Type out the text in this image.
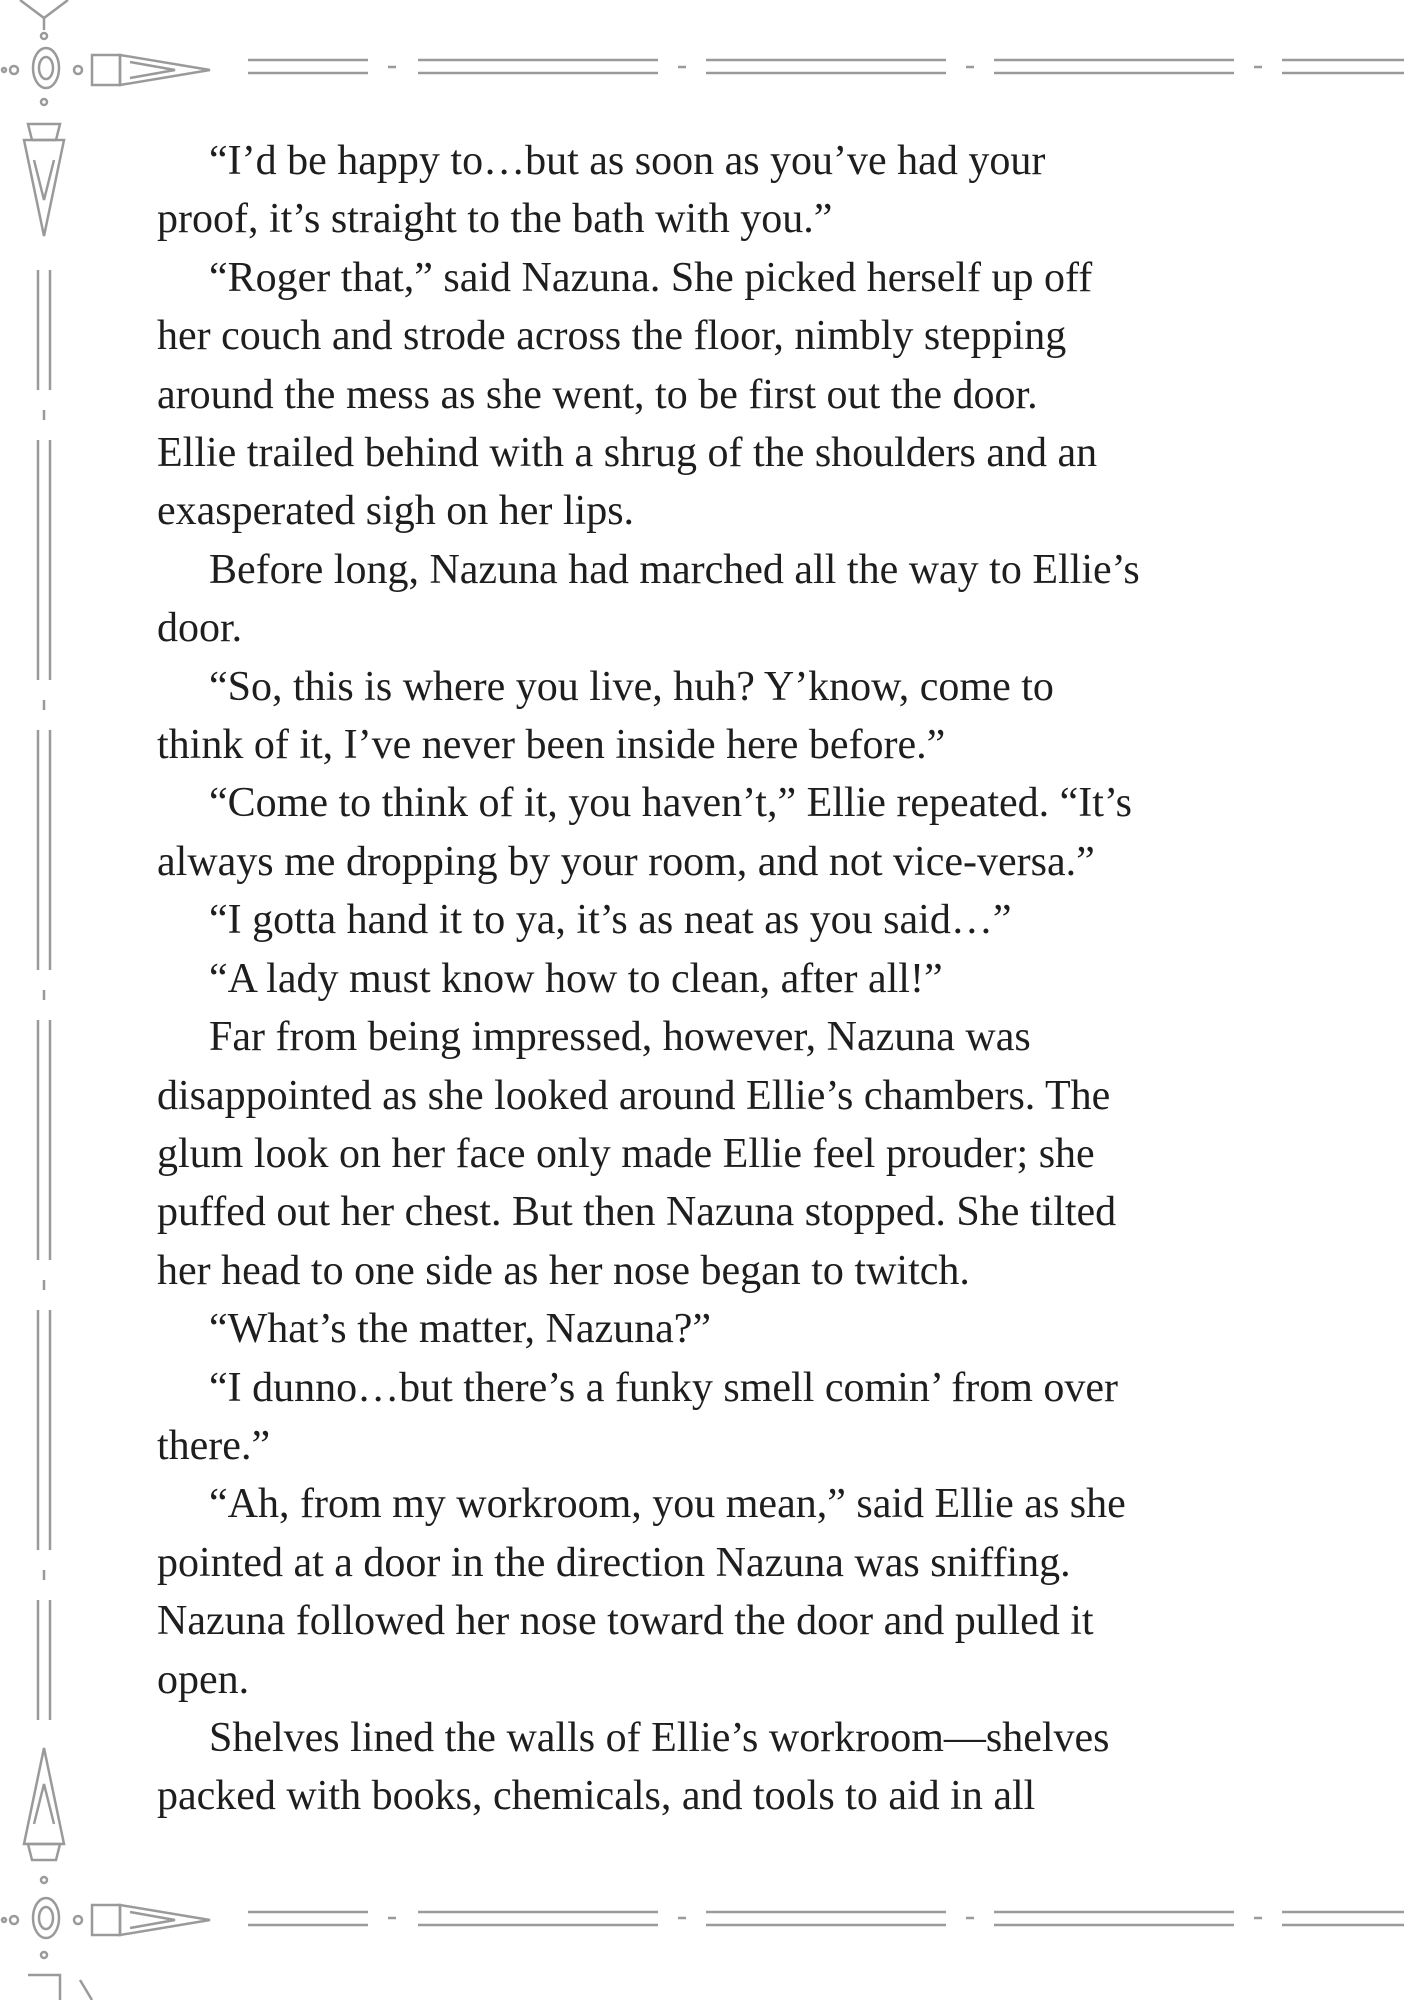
“I’d be happy to…but as soon as you’ve had your
proof, it’s straight to the bath with you.”

“Roger that,” said Nazuna. She picked herself up off
her couch and strode across the floor, nimbly stepping
around the mess as she went, to be first out the door.
Ellie trailed behind with a shrug of the shoulders and an
exasperated sigh on her lips.

Before long, Nazuna had marched all the way to Ellie’s
door.

“So, this is where you live, huh? Y’know, come to
think of it, I’ve never been inside here before.”

“Come to think of it, you haven’t,” Ellie repeated. “It’s
always me dropping by your room, and not vice-versa.”

“I gotta hand it to ya, it’s as neat as you said…”

“A lady must know how to clean, after all!”

Far from being impressed, however, Nazuna was
disappointed as she looked around Ellie’s chambers. The
glum look on her face only made Ellie feel prouder; she
puffed out her chest. But then Nazuna stopped. She tilted
her head to one side as her nose began to twitch.

“What’s the matter, Nazuna?”

“I dunno…but there’s a funky smell comin’ from over
there.”

“Ah, from my workroom, you mean,” said Ellie as she
pointed at a door in the direction Nazuna was sniffing.
Nazuna followed her nose toward the door and pulled it
open.

Shelves lined the walls of Ellie’s workroom—shelves
packed with books, chemicals, and tools to aid in all
